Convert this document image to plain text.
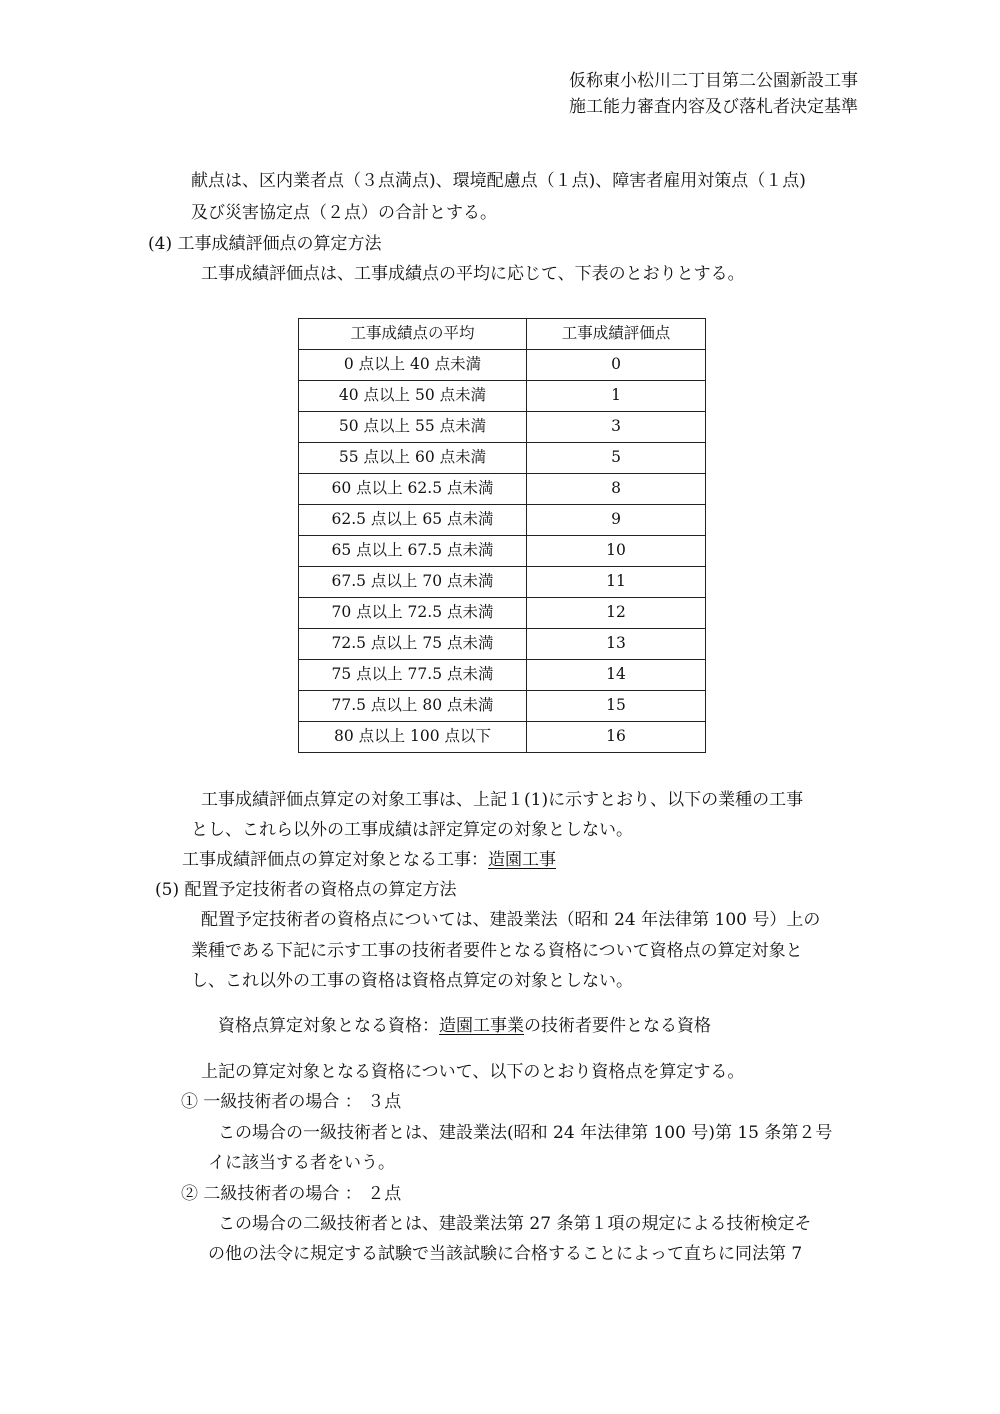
仮称東小松川二丁目第二公園新設工事
施工能力審査内容及び落札者決定基準
献点は、区内業者点（３点満点)、環境配慮点（１点)、障害者雇用対策点（１点)
及び災害協定点（２点）の合計とする。
(4) 工事成績評価点の算定方法
工事成績評価点は、工事成績点の平均に応じて、下表のとおりとする。
工事成績点の平均	工事成績評価点
0 点以上 40 点未満	0
40 点以上 50 点未満	1
50 点以上 55 点未満	3
55 点以上 60 点未満	5
60 点以上 62.5 点未満	8
62.5 点以上 65 点未満	9
65 点以上 67.5 点未満	10
67.5 点以上 70 点未満	11
70 点以上 72.5 点未満	12
72.5 点以上 75 点未満	13
75 点以上 77.5 点未満	14
77.5 点以上 80 点未満	15
80 点以上 100 点以下	16
工事成績評価点算定の対象工事は、上記１(1)に示すとおり、以下の業種の工事
とし、これら以外の工事成績は評定算定の対象としない。
工事成績評価点の算定対象となる工事：造園工事
(5) 配置予定技術者の資格点の算定方法
配置予定技術者の資格点については、建設業法（昭和 24 年法律第 100 号）上の
業種である下記に示す工事の技術者要件となる資格について資格点の算定対象と
し、これ以外の工事の資格は資格点算定の対象としない。
資格点算定対象となる資格：造園工事業の技術者要件となる資格
上記の算定対象となる資格について、以下のとおり資格点を算定する。
① 一級技術者の場合 ： ３点
この場合の一級技術者とは、建設業法(昭和 24 年法律第 100 号)第 15 条第２号
イに該当する者をいう。
② 二級技術者の場合 ： ２点
この場合の二級技術者とは、建設業法第 27 条第１項の規定による技術検定そ
の他の法令に規定する試験で当該試験に合格することによって直ちに同法第 7
